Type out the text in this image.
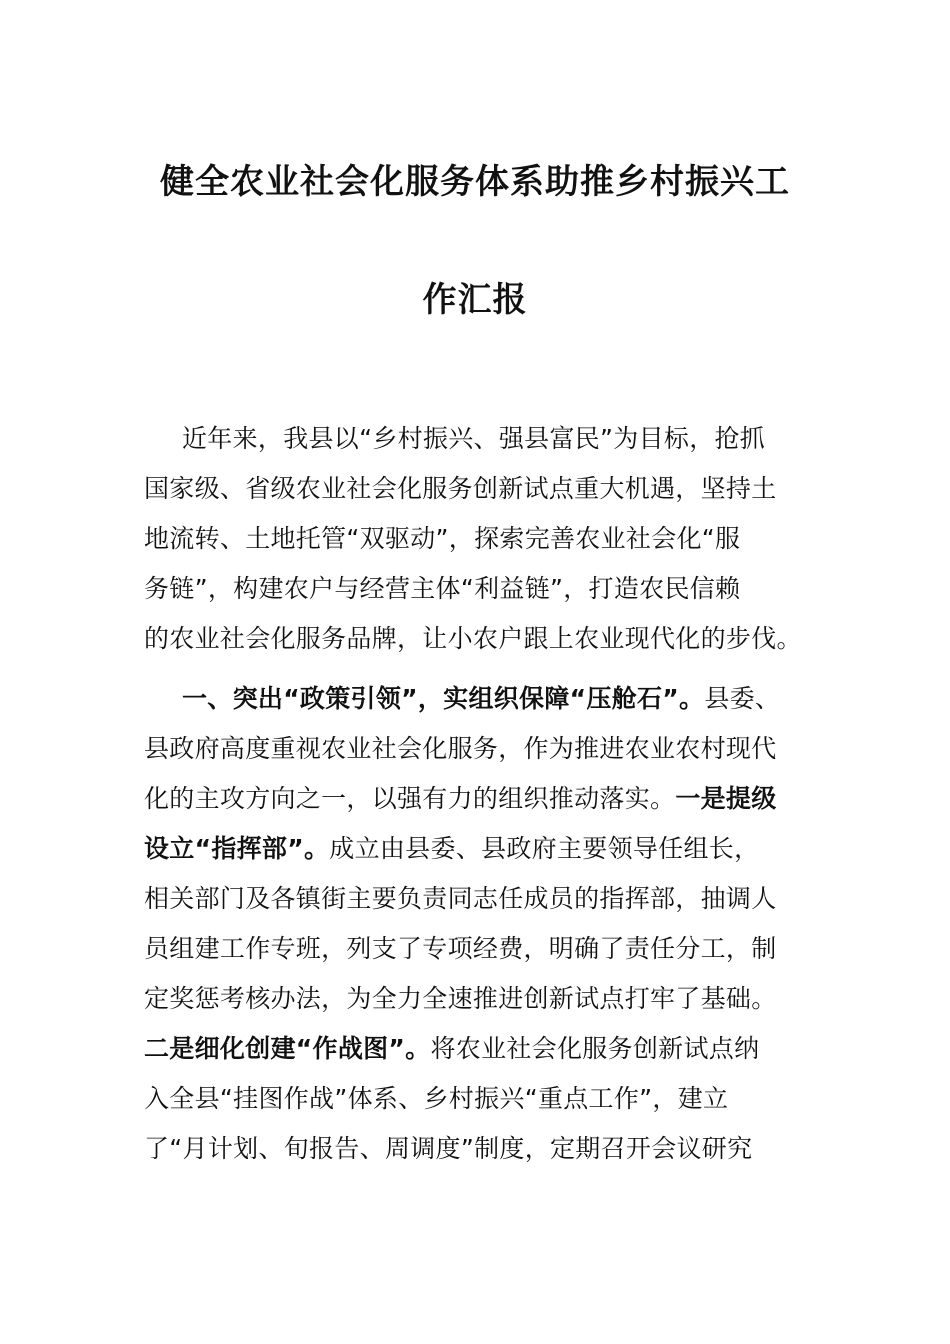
健全农业社会化服务体系助推乡村振兴工
作汇报
近年来，我县以“乡村振兴、强县富民”为目标，抢抓
国家级、省级农业社会化服务创新试点重大机遇，坚持土
地流转、土地托管“双驱动”，探索完善农业社会化“服
务链”，构建农户与经营主体“利益链”，打造农民信赖
的农业社会化服务品牌，让小农户跟上农业现代化的步伐。
一、突出“政策引领”，实组织保障“压舱石”。县委、
县政府高度重视农业社会化服务，作为推进农业农村现代
化的主攻方向之一，以强有力的组织推动落实。一是提级
设立“指挥部”。成立由县委、县政府主要领导任组长，
相关部门及各镇街主要负责同志任成员的指挥部，抽调人
员组建工作专班，列支了专项经费，明确了责任分工，制
定奖惩考核办法，为全力全速推进创新试点打牢了基础。
二是细化创建“作战图”。将农业社会化服务创新试点纳
入全县“挂图作战”体系、乡村振兴“重点工作”，建立
了“月计划、旬报告、周调度”制度，定期召开会议研究
